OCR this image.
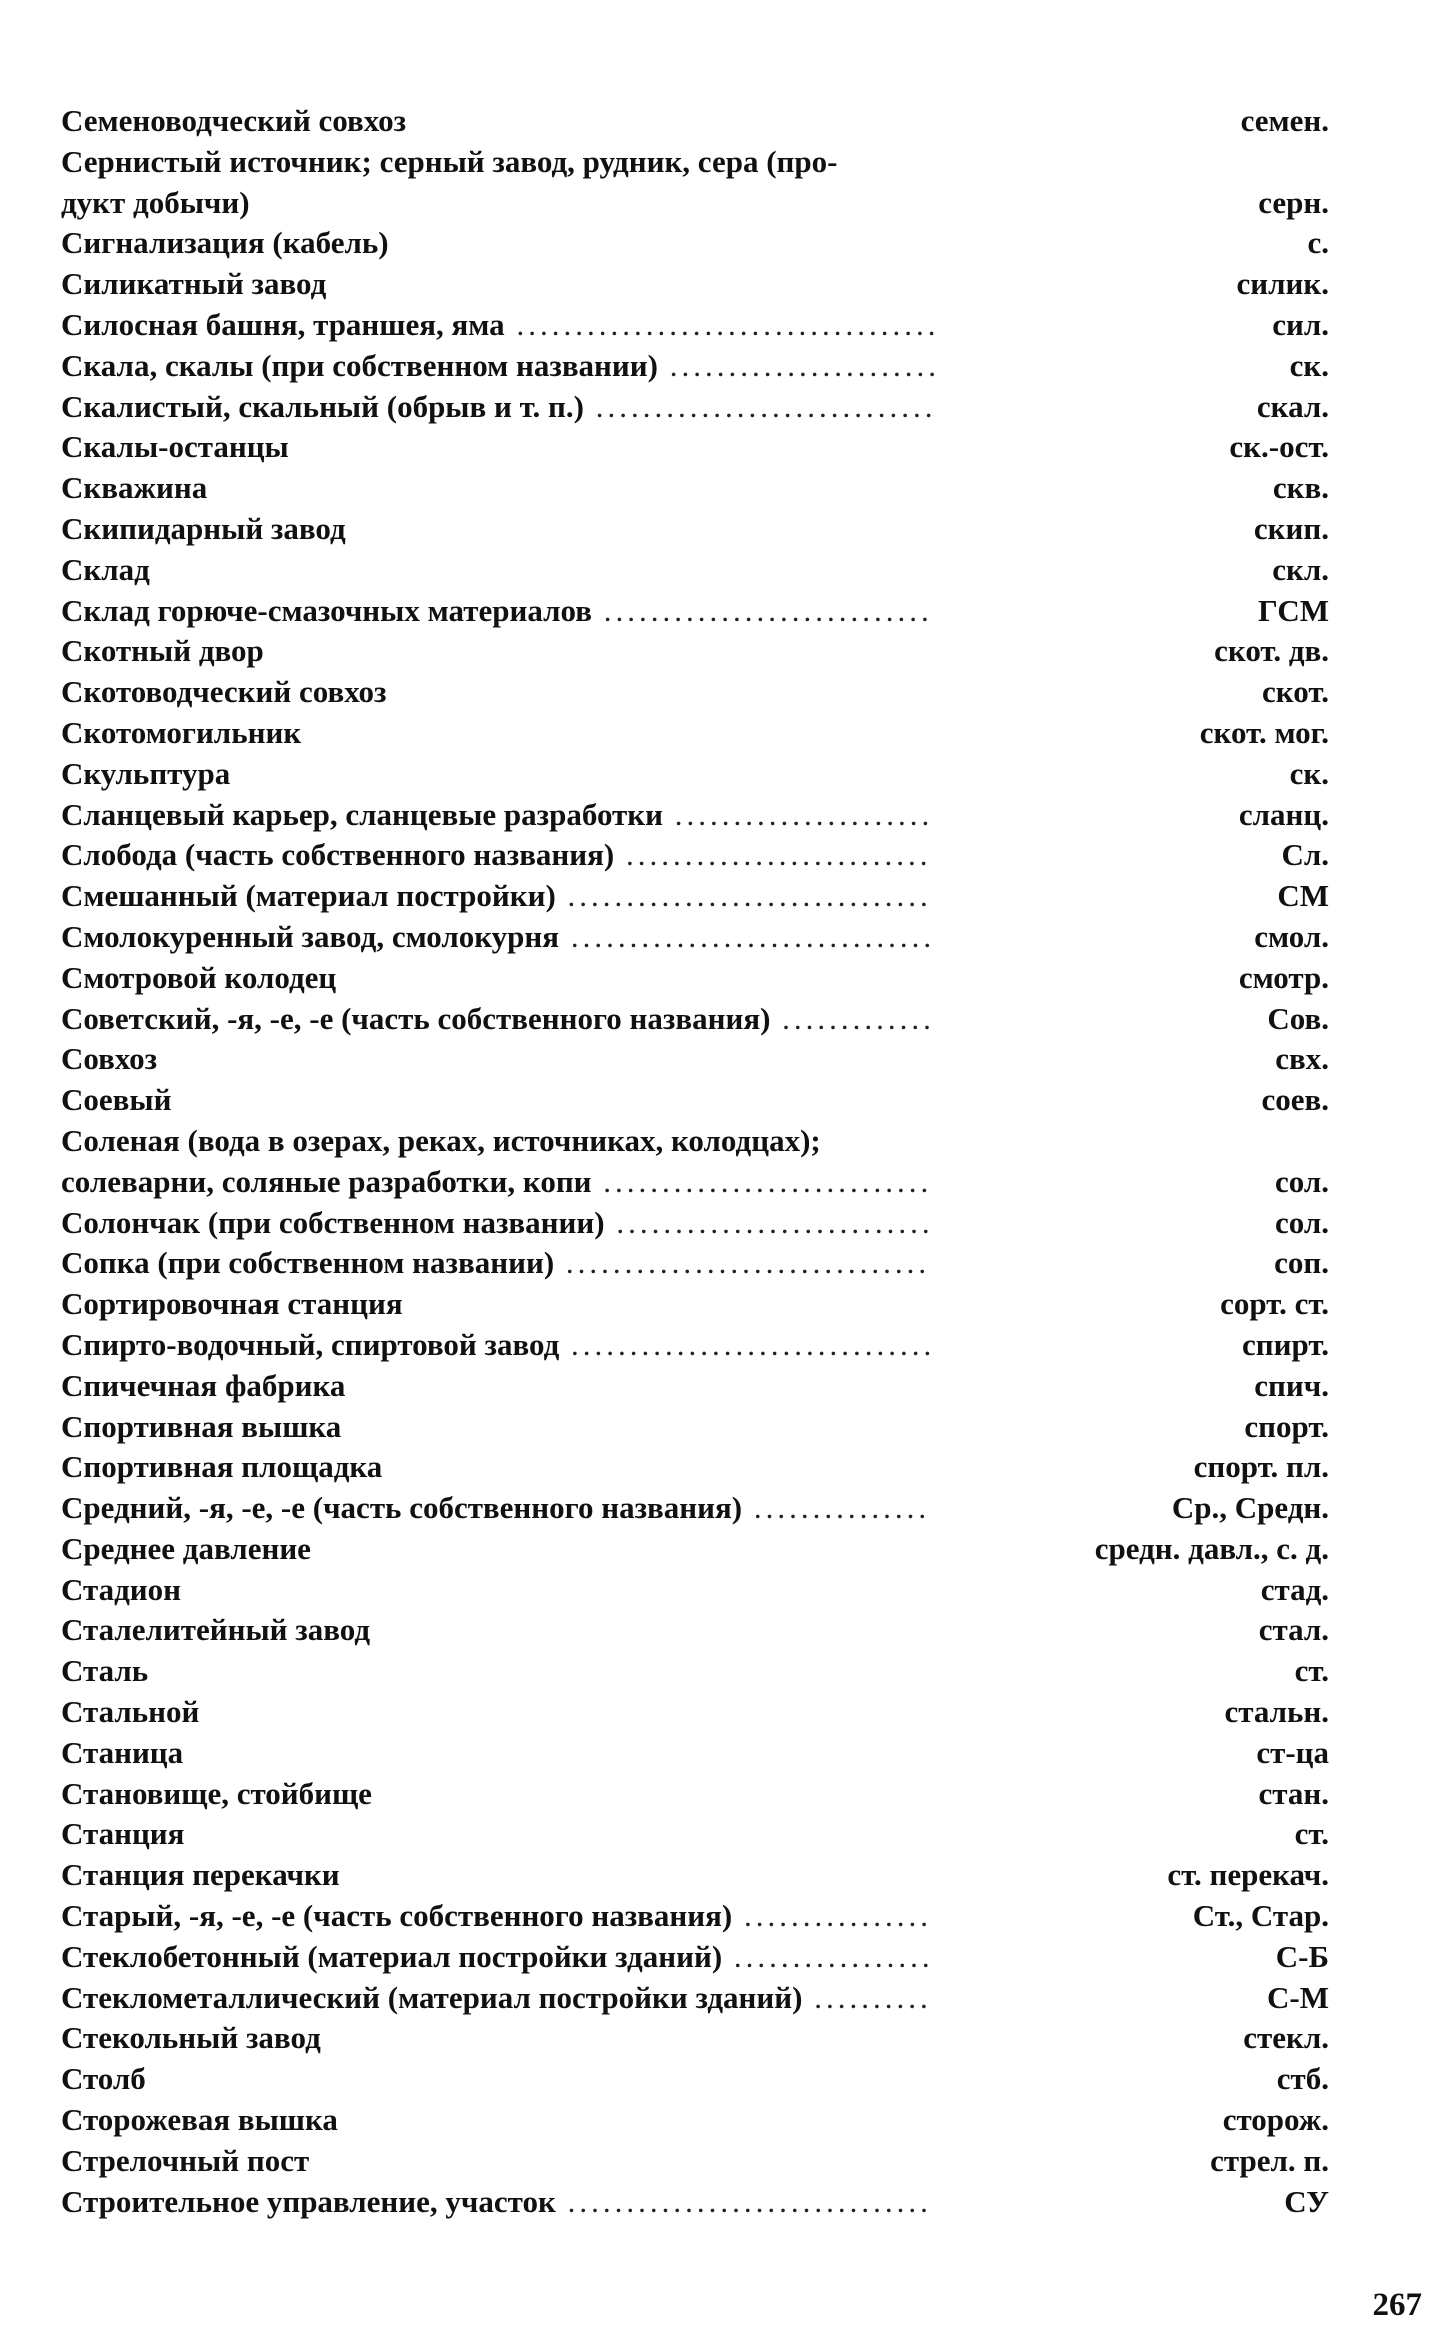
Семеноводческий совхоз	семен.
Сернистый источник; серный завод, рудник, сера (про-
дукт добычи)	серн.
Сигнализация (кабель)	с.
Силикатный завод	силик.
Силосная башня, траншея, яма ....................................	сил.
Скала, скалы (при собственном названии) .......................	ск.
Скалистый, скальный (обрыв и т. п.) .............................	скал.
Скалы-останцы	ск.-ост.
Скважина	скв.
Скипидарный завод	скип.
Склад	скл.
Склад горюче-смазочных материалов ............................	ГСМ
Скотный двор	скот. дв.
Скотоводческий совхоз	скот.
Скотомогильник	скот. мог.
Скульптура	ск.
Сланцевый карьер, сланцевые разработки ......................	сланц.
Слобода (часть собственного названия) ..........................	Сл.
Смешанный (материал постройки) ...............................	СМ
Смолокуренный завод, смолокурня ...............................	смол.
Смотровой колодец	смотр.
Советский, -я, -е, -е (часть собственного названия) .............	Сов.
Совхоз	свх.
Соевый	соев.
Соленая (вода в озерах, реках, источниках, колодцах);
солеварни, соляные разработки, копи ............................	сол.
Солончак (при собственном названии) ...........................	сол.
Сопка (при собственном названии) ...............................	соп.
Сортировочная станция	сорт. ст.
Спирто-водочный, спиртовой завод ...............................	спирт.
Спичечная фабрика	спич.
Спортивная вышка	спорт.
Спортивная площадка	спорт. пл.
Средний, -я, -е, -е (часть собственного названия) ...............	Ср., Средн.
Среднее давление	средн. давл., с. д.
Стадион	стад.
Сталелитейный завод	стал.
Сталь	ст.
Стальной	стальн.
Станица	ст-ца
Становище, стойбище	стан.
Станция	ст.
Станция перекачки	ст. перекач.
Старый, -я, -е, -е (часть собственного названия) ................	Ст., Стар.
Стеклобетонный (материал постройки зданий) .................	С-Б
Стеклометаллический (материал постройки зданий) ..........	С-М
Стекольный завод	стекл.
Столб	стб.
Сторожевая вышка	сторож.
Стрелочный пост	стрел. п.
Строительное управление, участок ...............................	СУ
267
